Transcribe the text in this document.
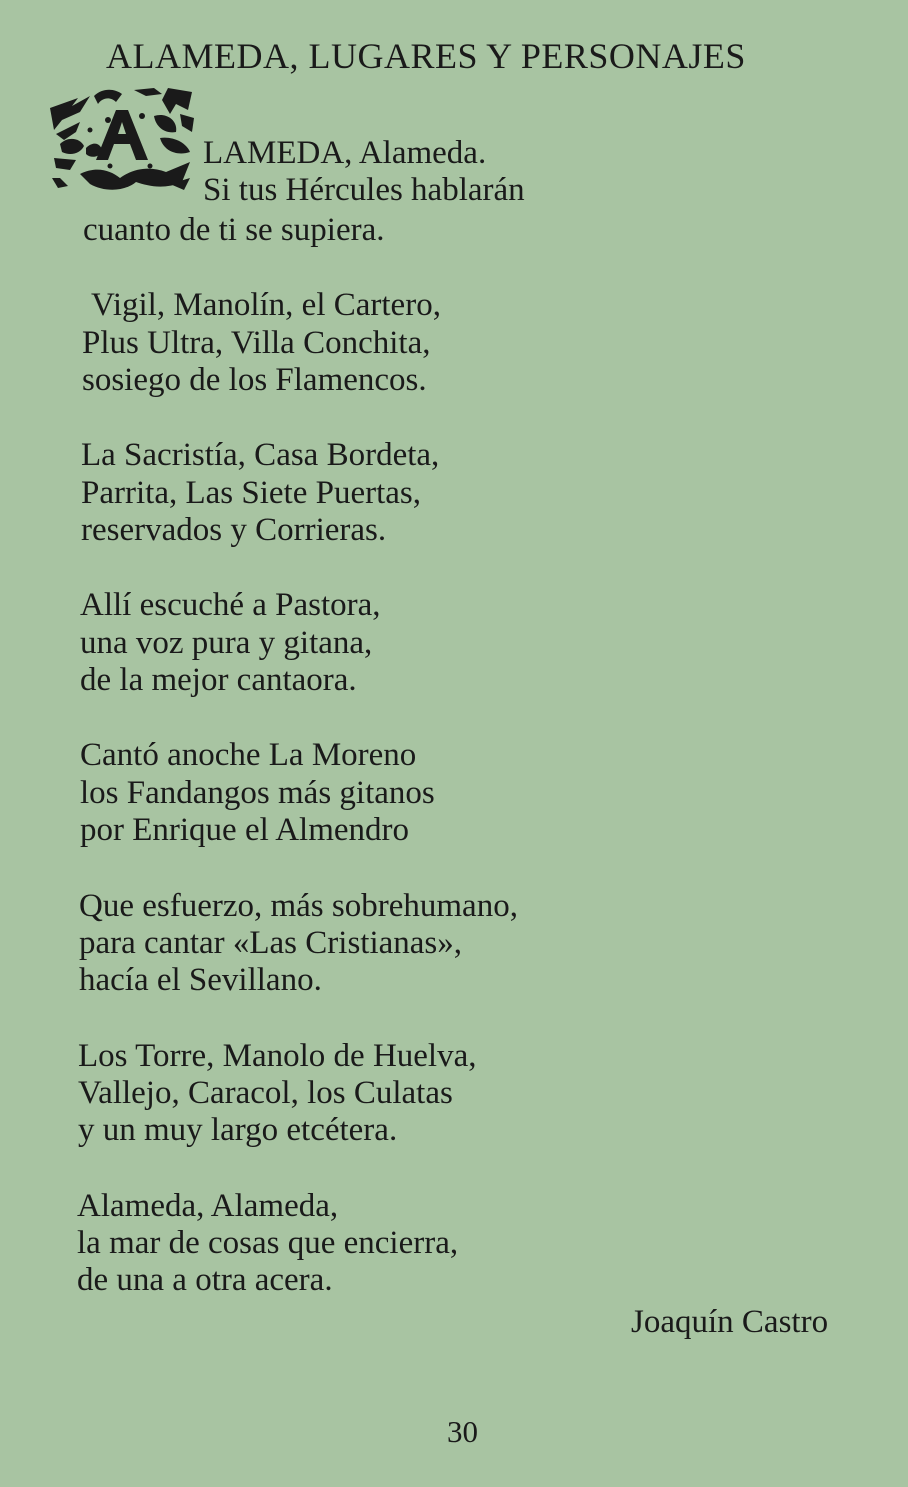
ALAMEDA, LUGARES Y PERSONAJES
LAMEDA, Alameda.
Si tus Hércules hablarán
cuanto de ti se supiera.
Vigil, Manolín, el Cartero,
Plus Ultra, Villa Conchita,
sosiego de los Flamencos.
La Sacristía, Casa Bordeta,
Parrita, Las Siete Puertas,
reservados y Corrieras.
Allí escuché a Pastora,
una voz pura y gitana,
de la mejor cantaora.
Cantó anoche La Moreno
los Fandangos más gitanos
por Enrique el Almendro
Que esfuerzo, más sobrehumano,
para cantar «Las Cristianas»,
hacía el Sevillano.
Los Torre, Manolo de Huelva,
Vallejo, Caracol, los Culatas
y un muy largo etcétera.
Alameda, Alameda,
la mar de cosas que encierra,
de una a otra acera.
Joaquín Castro
30
